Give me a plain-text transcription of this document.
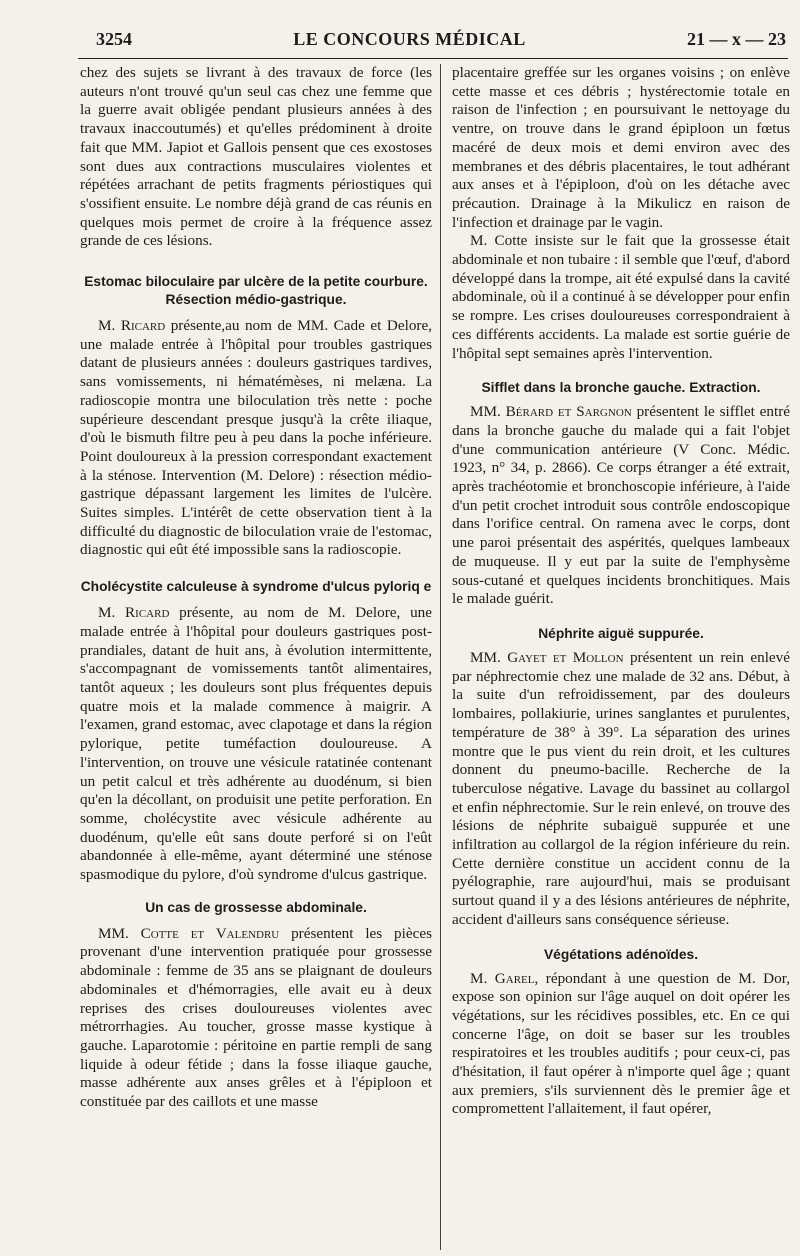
3254	LE CONCOURS MÉDICAL	21 — x — 23

chez des sujets se livrant à des travaux de force (les auteurs n'ont trouvé qu'un seul cas chez une femme que la guerre avait obligée pendant plusieurs années à des travaux inaccoutumés) et qu'elles prédominent à droite fait que MM. Japiot et Gallois pensent que ces exostoses sont dues aux contractions musculaires violentes et répétées arrachant de petits fragments périostiques qui s'ossifient ensuite. Le nombre déjà grand de cas réunis en quelques mois permet de croire à la fréquence assez grande de ces lésions.

Estomac biloculaire par ulcère de la petite courbure.
Résection médio-gastrique.

M. Ricard présente,au nom de MM. Cade et Delore, une malade entrée à l'hôpital pour troubles gastriques datant de plusieurs années : douleurs gastriques tardives, sans vomissements, ni hématémèses, ni melæna. La radioscopie montra une biloculation très nette : poche supérieure descendant presque jusqu'à la crête iliaque, d'où le bismuth filtre peu à peu dans la poche inférieure. Point douloureux à la pression correspondant exactement à la sténose. Intervention (M. Delore) : résection médio-gastrique dépassant largement les limites de l'ulcère. Suites simples. L'intérêt de cette observation tient à la difficulté du diagnostic de biloculation vraie de l'estomac, diagnostic qui eût été impossible sans la radioscopie.

Cholécystite calculeuse à syndrome d'ulcus pyloriq e

M. Ricard présente, au nom de M. Delore, une malade entrée à l'hôpital pour douleurs gastriques post-prandiales, datant de huit ans, à évolution intermittente, s'accompagnant de vomissements tantôt alimentaires, tantôt aqueux ; les douleurs sont plus fréquentes depuis quatre mois et la malade commence à maigrir. A l'examen, grand estomac, avec clapotage et dans la région pylorique, petite tuméfaction douloureuse. A l'intervention, on trouve une vésicule ratatinée contenant un petit calcul et très adhérente au duodénum, si bien qu'en la décollant, on produisit une petite perforation. En somme, cholécystite avec vésicule adhérente au duodénum, qu'elle eût sans doute perforé si on l'eût abandonnée à elle-même, ayant déterminé une sténose spasmodique du pylore, d'où syndrome d'ulcus gastrique.

Un cas de grossesse abdominale.

MM. Cotte et Valendru présentent les pièces provenant d'une intervention pratiquée pour grossesse abdominale : femme de 35 ans se plaignant de douleurs abdominales et d'hémorragies, elle avait eu à deux reprises des crises douloureuses violentes avec métrorrhagies. Au toucher, grosse masse kystique à gauche. Laparotomie : péritoine en partie rempli de sang liquide à odeur fétide ; dans la fosse iliaque gauche, masse adhérente aux anses grêles et à l'épiploon et constituée par des caillots et une masse

placentaire greffée sur les organes voisins ; on enlève cette masse et ces débris ; hystérectomie totale en raison de l'infection ; en poursuivant le nettoyage du ventre, on trouve dans le grand épiploon un fœtus macéré de deux mois et demi environ avec des membranes et des débris placentaires, le tout adhérant aux anses et à l'épiploon, d'où on les détache avec précaution. Drainage à la Mikulicz en raison de l'infection et drainage par le vagin.

M. Cotte insiste sur le fait que la grossesse était abdominale et non tubaire : il semble que l'œuf, d'abord développé dans la trompe, ait été expulsé dans la cavité abdominale, où il a continué à se développer pour enfin se rompre. Les crises douloureuses correspondraient à ces différents accidents. La malade est sortie guérie de l'hôpital sept semaines après l'intervention.

Sifflet dans la bronche gauche. Extraction.

MM. Bérard et Sargnon présentent le sifflet entré dans la bronche gauche du malade qui a fait l'objet d'une communication antérieure (V Conc. Médic. 1923, n° 34, p. 2866). Ce corps étranger a été extrait, après trachéotomie et bronchoscopie inférieure, à l'aide d'un petit crochet introduit sous contrôle endoscopique dans l'orifice central. On ramena avec le corps, dont une paroi présentait des aspérités, quelques lambeaux de muqueuse. Il y eut par la suite de l'emphysème sous-cutané et quelques incidents bronchitiques. Mais le malade guérit.

Néphrite aiguë suppurée.

MM. Gayet et Mollon présentent un rein enlevé par néphrectomie chez une malade de 32 ans. Début, à la suite d'un refroidissement, par des douleurs lombaires, pollakiurie, urines sanglantes et purulentes, température de 38° à 39°. La séparation des urines montre que le pus vient du rein droit, et les cultures donnent du pneumo-bacille. Recherche de la tuberculose négative. Lavage du bassinet au collargol et enfin néphrectomie. Sur le rein enlevé, on trouve des lésions de néphrite subaiguë suppurée et une infiltration au collargol de la région inférieure du rein. Cette dernière constitue un accident connu de la pyélographie, rare aujourd'hui, mais se produisant surtout quand il y a des lésions antérieures de néphrite, accident d'ailleurs sans conséquence sérieuse.

Végétations adénoïdes.

M. Garel, répondant à une question de M. Dor, expose son opinion sur l'âge auquel on doit opérer les végétations, sur les récidives possibles, etc. En ce qui concerne l'âge, on doit se baser sur les troubles respiratoires et les troubles auditifs ; pour ceux-ci, pas d'hésitation, il faut opérer à n'importe quel âge ; quant aux premiers, s'ils surviennent dès le premier âge et compromettent l'allaitement, il faut opérer,
